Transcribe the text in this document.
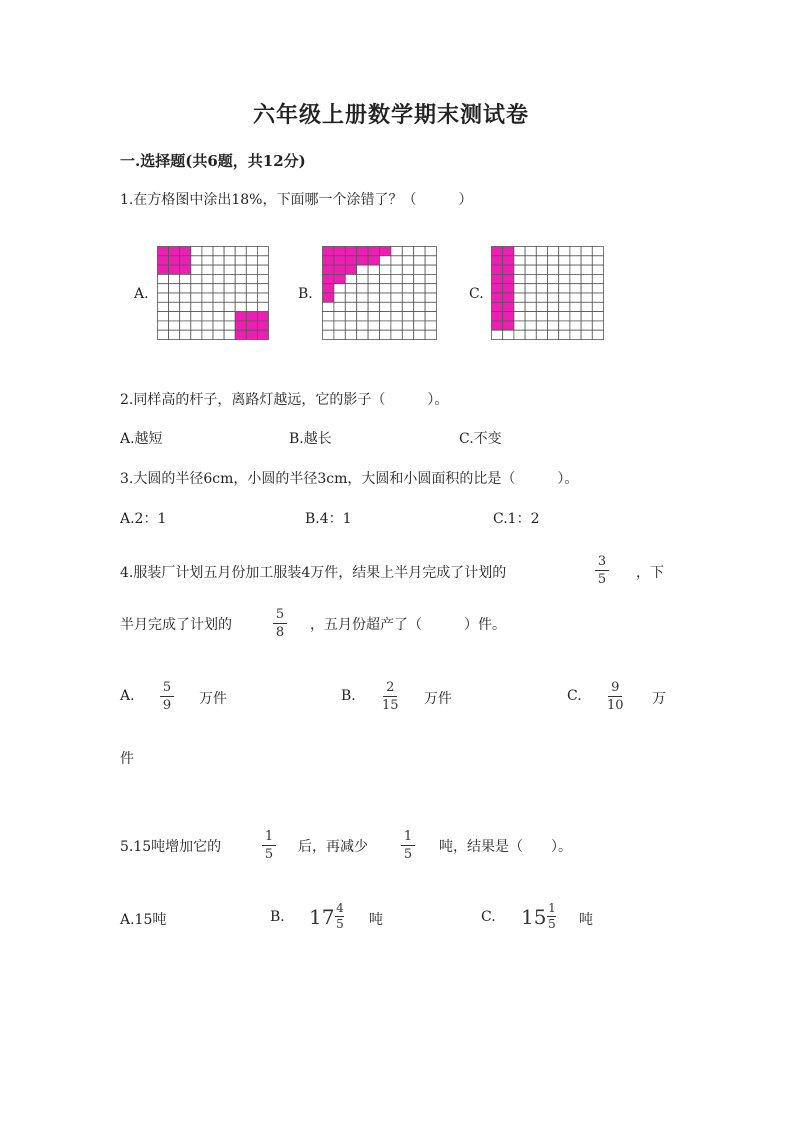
六年级上册数学期末测试卷
一.选择题(共6题，共12分)
1.在方格图中涂出18%，下面哪一个涂错了？（　　　）
A.	B.	C.
2.同样高的杆子，离路灯越远，它的影子（　　　）。
A.越短	B.越长	C.不变
3.大圆的半径6cm，小圆的半径3cm，大圆和小圆面积的比是（　　　）。
A.2：1	B.4：1	C.1：2
4.服装厂计划五月份加工服装4万件，结果上半月完成了计划的
3
5 ，下
半月完成了计划的
5
8 ，五月份超产了（　　　）件。
A.
5
9 万件	B.
2
15 万件	C.
9
10 万
件
5.15吨增加它的
1
5 后，再减少
1
5 吨，结果是（　　）。
A.15吨	B. 17 4
5 吨	C. 15 1
5 吨
